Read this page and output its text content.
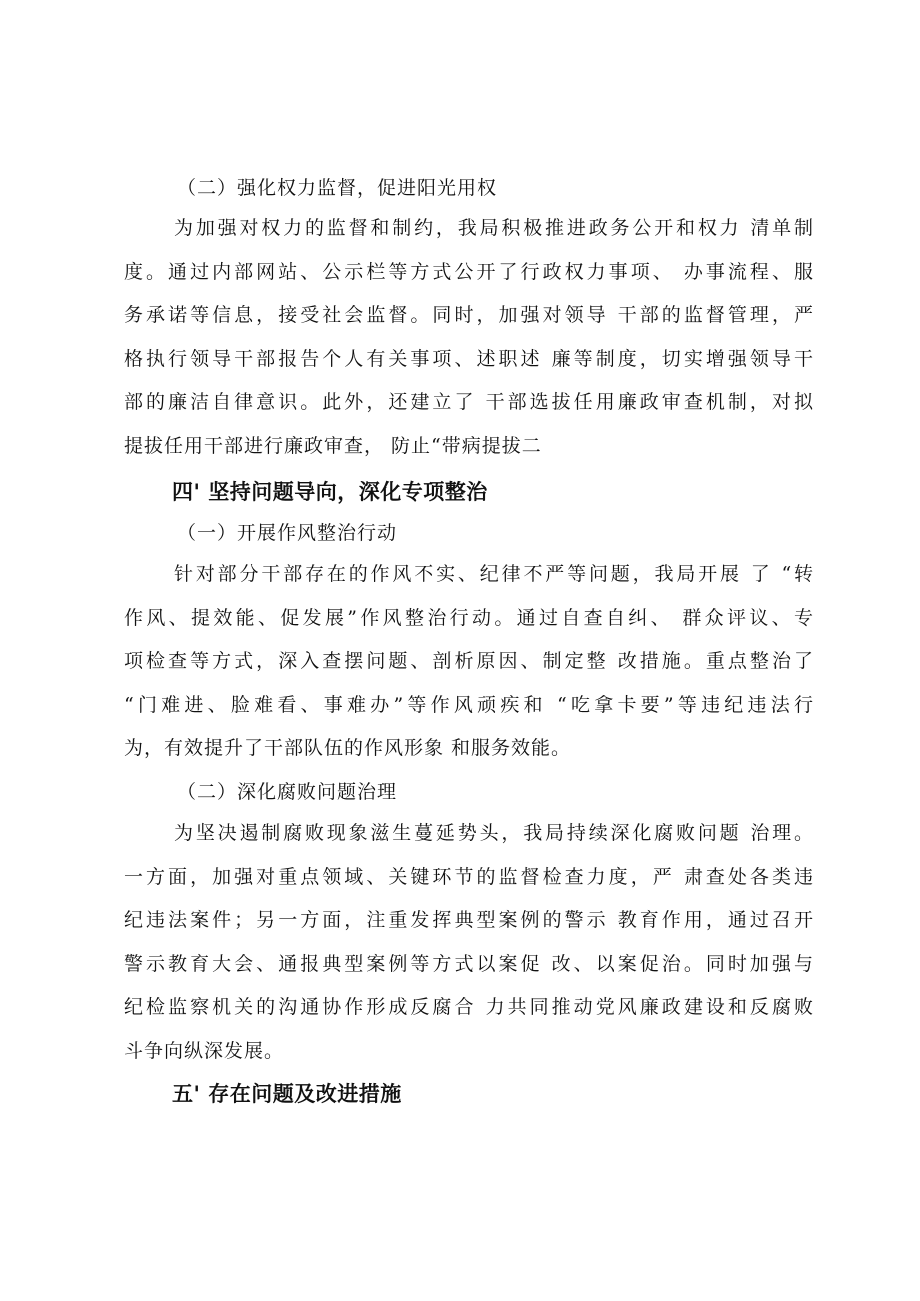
（二）强化权力监督，促进阳光用权
为加强对权力的监督和制约，我局积极推进政务公开和权力 清单制
度。通过内部网站、公示栏等方式公开了行政权力事项、 办事流程、服
务承诺等信息，接受社会监督。同时，加强对领导 干部的监督管理，严
格执行领导干部报告个人有关事项、述职述 廉等制度，切实增强领导干
部的廉洁自律意识。此外，还建立了 干部选拔任用廉政审查机制，对拟
提拔任用干部进行廉政审查， 防止“带病提拔二
四' 坚持问题导向，深化专项整治
（一）开展作风整治行动
针对部分干部存在的作风不实、纪律不严等问题，我局开展 了 “转
作风、提效能、促发展”作风整治行动。通过自查自纠、 群众评议、专
项检查等方式，深入查摆问题、剖析原因、制定整 改措施。重点整治了
“门难进、脸难看、事难办”等作风顽疾和 “吃拿卡要”等违纪违法行
为，有效提升了干部队伍的作风形象 和服务效能。
（二）深化腐败问题治理
为坚决遏制腐败现象滋生蔓延势头，我局持续深化腐败问题 治理。
一方面，加强对重点领域、关键环节的监督检查力度，严 肃查处各类违
纪违法案件；另一方面，注重发挥典型案例的警示 教育作用，通过召开
警示教育大会、通报典型案例等方式以案促 改、以案促治。同时加强与
纪检监察机关的沟通协作形成反腐合 力共同推动党风廉政建设和反腐败
斗争向纵深发展。
五' 存在问题及改进措施
